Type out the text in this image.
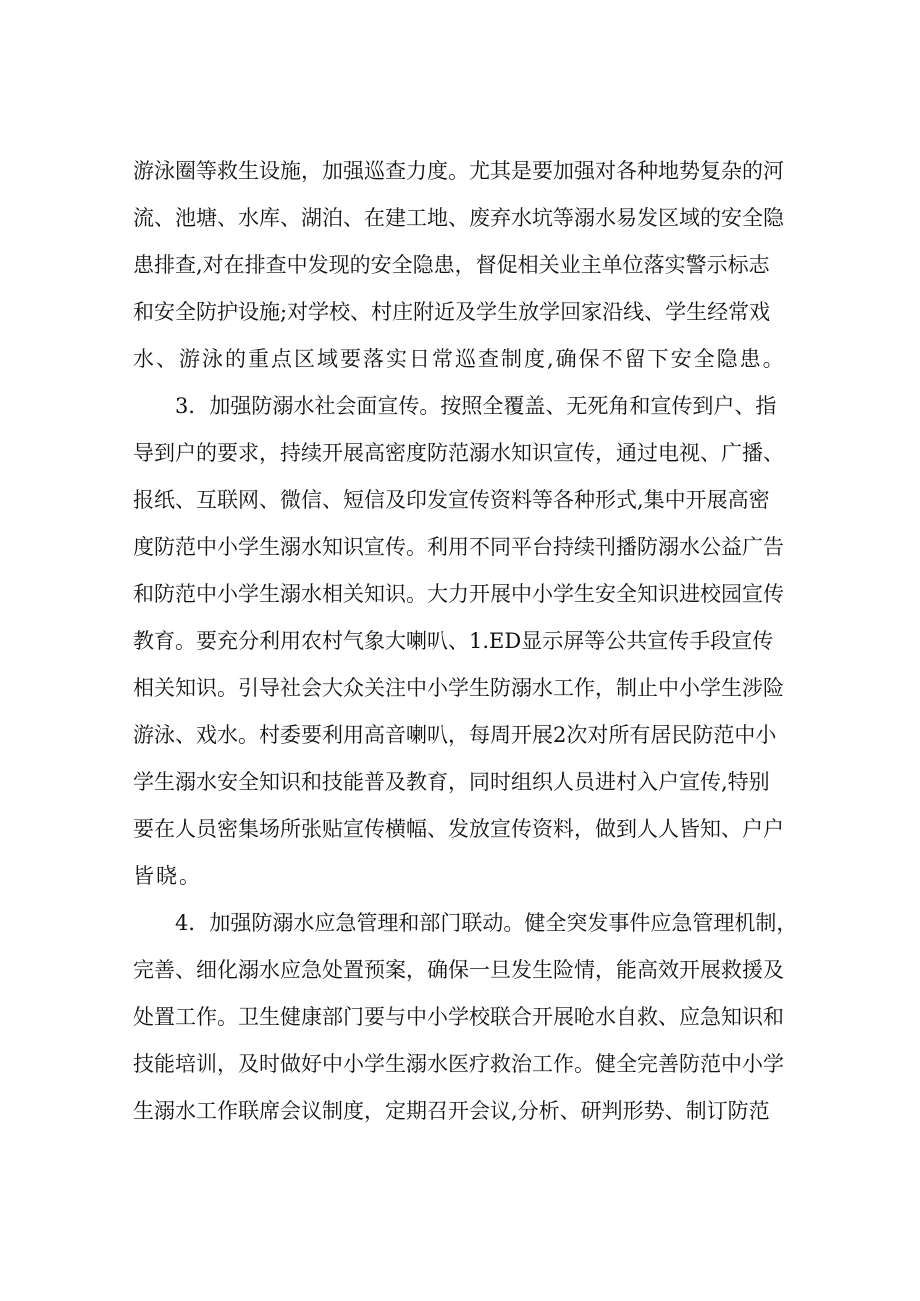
游泳圈等救生设施，加强巡查力度。尤其是要加强对各种地势复杂的河
流、池塘、水库、湖泊、在建工地、废弃水坑等溺水易发区域的安全隐
患排查,对在排查中发现的安全隐患，督促相关业主单位落实警示标志
和安全防护设施;对学校、村庄附近及学生放学回家沿线、学生经常戏
水、游泳的重点区域要落实日常巡查制度,确保不留下安全隐患。
　　3．加强防溺水社会面宣传。按照全覆盖、无死角和宣传到户、指
导到户的要求，持续开展高密度防范溺水知识宣传，通过电视、广播、
报纸、互联网、微信、短信及印发宣传资料等各种形式,集中开展高密
度防范中小学生溺水知识宣传。利用不同平台持续刊播防溺水公益广告
和防范中小学生溺水相关知识。大力开展中小学生安全知识进校园宣传
教育。要充分利用农村气象大喇叭、1.ED显示屏等公共宣传手段宣传
相关知识。引导社会大众关注中小学生防溺水工作，制止中小学生涉险
游泳、戏水。村委要利用高音喇叭，每周开展2次对所有居民防范中小
学生溺水安全知识和技能普及教育，同时组织人员进村入户宣传,特别
要在人员密集场所张贴宣传横幅、发放宣传资料，做到人人皆知、户户
皆晓。
　　4．加强防溺水应急管理和部门联动。健全突发事件应急管理机制，
完善、细化溺水应急处置预案，确保一旦发生险情，能高效开展救援及
处置工作。卫生健康部门要与中小学校联合开展呛水自救、应急知识和
技能培训，及时做好中小学生溺水医疗救治工作。健全完善防范中小学
生溺水工作联席会议制度，定期召开会议,分析、研判形势、制订防范
